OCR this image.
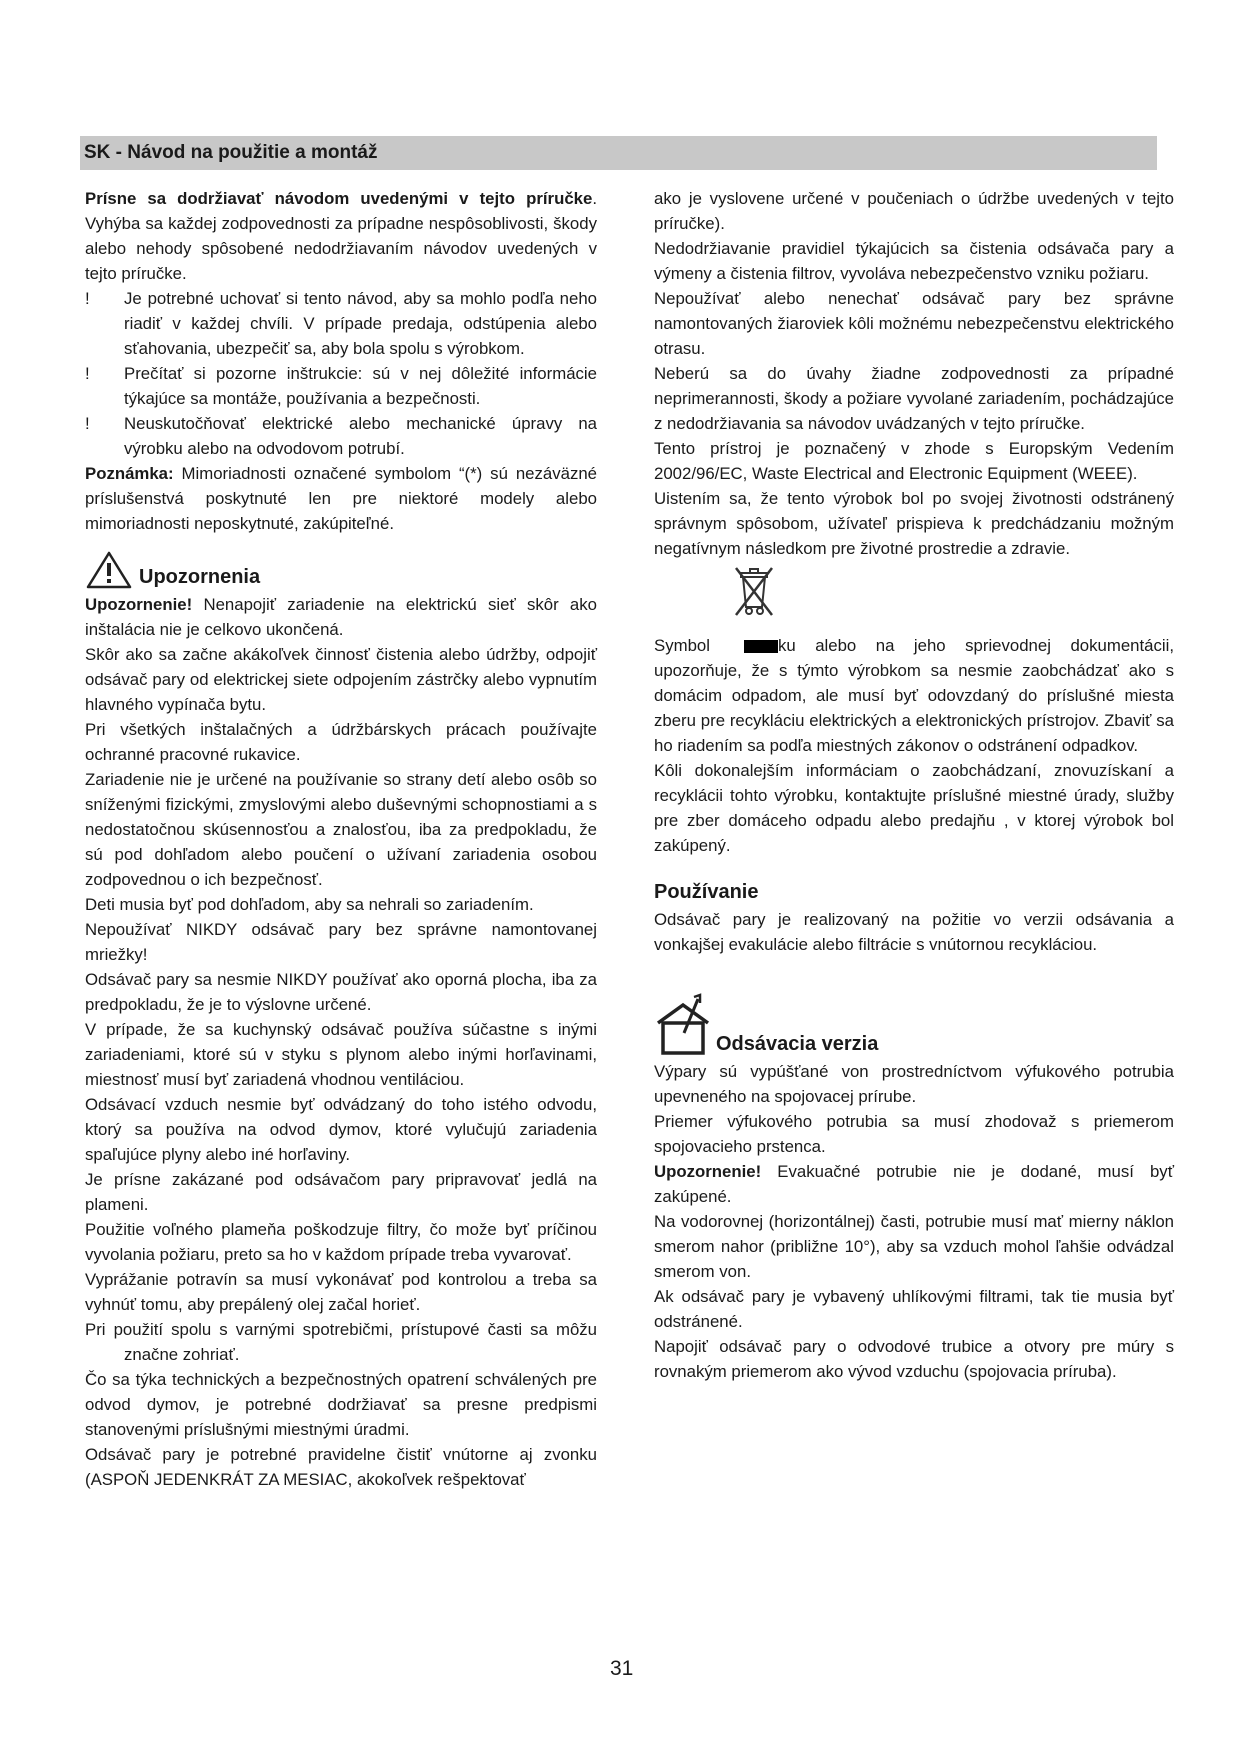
SK - Návod na použitie a montáž

Prísne sa dodržiavať návodom uvedenými v tejto príručke. Vyhýba sa každej zodpovednosti za prípadne nespôsoblivosti, škody alebo nehody spôsobené nedodržiavaním návodov uvedených v tejto príručke.

! Je potrebné uchovať si tento návod, aby sa mohlo podľa neho riadiť v každej chvíli. V prípade predaja, odstúpenia alebo sťahovania, ubezpečiť sa, aby bola spolu s výrobkom.

! Prečítať si pozorne inštrukcie: sú v nej dôležité informácie týkajúce sa montáže, používania a bezpečnosti.

! Neuskutočňovať elektrické alebo mechanické úpravy na výrobku alebo na odvodovom potrubí.

Poznámka: Mimoriadnosti označené symbolom “(*) sú nezáväzné príslušenstvá poskytnuté len pre niektoré modely alebo mimoriadnosti neposkytnuté, zakúpiteľné.

Upozornenia

Upozornenie! Nenapojiť zariadenie na elektrickú sieť skôr ako inštalácia nie je celkovo ukončená.

Skôr ako sa začne akákoľvek činnosť čistenia alebo údržby, odpojiť odsávač pary od elektrickej siete odpojením zástrčky alebo vypnutím hlavného vypínača bytu.

Pri všetkých inštalačných a údržbárskych prácach používajte ochranné pracovné rukavice.

Zariadenie nie je určené na používanie so strany detí alebo osôb so sníženými fizickými, zmyslovými alebo duševnými schopnostiami a s nedostatočnou skúsennosťou a znalosťou, iba za predpokladu, že sú pod dohľadom alebo poučení o užívaní zariadenia osobou zodpovednou o ich bezpečnosť.

Deti musia byť pod dohľadom, aby sa nehrali so zariadením.

Nepoužívať NIKDY odsávač pary bez správne namontovanej mriežky!

Odsávač pary sa nesmie NIKDY používať ako oporná plocha, iba za predpokladu, že je to výslovne určené.

V prípade, že sa kuchynský odsávač používa súčastne s inými zariadeniami, ktoré sú v styku s plynom alebo inými horľavinami, miestnosť musí byť zariadená vhodnou ventiláciou.

Odsávací vzduch nesmie byť odvádzaný do toho istého odvodu, ktorý sa používa na odvod dymov, ktoré vylučujú zariadenia spaľujúce plyny alebo iné horľaviny.

Je prísne zakázané pod odsávačom pary pripravovať jedlá na plameni.

Použitie voľného plameňa poškodzuje filtry, čo može byť príčinou vyvolania požiaru, preto sa ho v každom prípade treba vyvarovať.

Vyprážanie potravín sa musí vykonávať pod kontrolou a treba sa vyhnúť tomu, aby prepálený olej začal horieť.

Pri použití spolu s varnými spotrebičmi, prístupové časti sa môžu značne zohriať.

Čo sa týka technických a bezpečnostných opatrení schválených pre odvod dymov, je potrebné dodržiavať sa presne predpismi stanovenými príslušnými miestnými úradmi.

Odsávač pary je potrebné pravidelne čistiť vnútorne aj zvonku (ASPOŇ JEDENKRÁT ZA MESIAC, akokoľvek rešpektovať

ako je vyslovene určené v poučeniach o údržbe uvedených v tejto príručke).

Nedodržiavanie pravidiel týkajúcich sa čistenia odsávača pary a výmeny a čistenia filtrov, vyvoláva nebezpečenstvo vzniku požiaru.

Nepoužívať alebo nenechať odsávač pary bez správne namontovaných žiaroviek kôli možnému nebezpečenstvu elektrického otrasu.

Neberú sa do úvahy žiadne zodpovednosti za prípadné neprimerannosti, škody a požiare vyvolané zariadením, pochádzajúce z nedodržiavania sa návodov uvádzaných v tejto príručke.

Tento prístroj je poznačený v zhode s Europským Vedením 2002/96/EC, Waste Electrical and Electronic Equipment (WEEE).

Uistením sa, že tento výrobok bol po svojej životnosti odstránený správnym spôsobom, užívateľ prispieva k predchádzaniu možným negatívnym následkom pre životné prostredie a zdravie.

Symbol	ku alebo na jeho sprievodnej dokumentácii, upozorňuje, že s týmto výrobkom sa nesmie zaobchádzať ako s domácim odpadom, ale musí byť odovzdaný do príslušné miesta zberu pre recykláciu elektrických a elektronických prístrojov. Zbaviť sa ho riadením sa podľa miestných zákonov o odstránení odpadkov.

Kôli dokonalejším informáciam o zaobchádzaní, znovuzískaní a recyklácii tohto výrobku, kontaktujte príslušné miestné úrady, služby pre zber domáceho odpadu alebo predajňu , v ktorej výrobok bol zakúpený.

Používanie

Odsávač pary je realizovaný na požitie vo verzii odsávania a vonkajšej evakulácie alebo filtrácie s vnútornou recykláciou.

Odsávacia verzia

Výpary sú vypúšťané von prostredníctvom výfukového potrubia upevneného na spojovacej prírube.

Priemer výfukového potrubia sa musí zhodovaž s priemerom spojovacieho prstenca.

Upozornenie! Evakuačné potrubie nie je dodané, musí byť zakúpené.

Na vodorovnej (horizontálnej) časti, potrubie musí mať mierny náklon smerom nahor (približne 10°), aby sa vzduch mohol ľahšie odvádzal smerom von.

Ak odsávač pary je vybavený uhlíkovými filtrami, tak tie musia byť odstránené.

Napojiť odsávač pary o odvodové trubice a otvory pre múry s rovnakým priemerom ako vývod vzduchu (spojovacia príruba).

31
